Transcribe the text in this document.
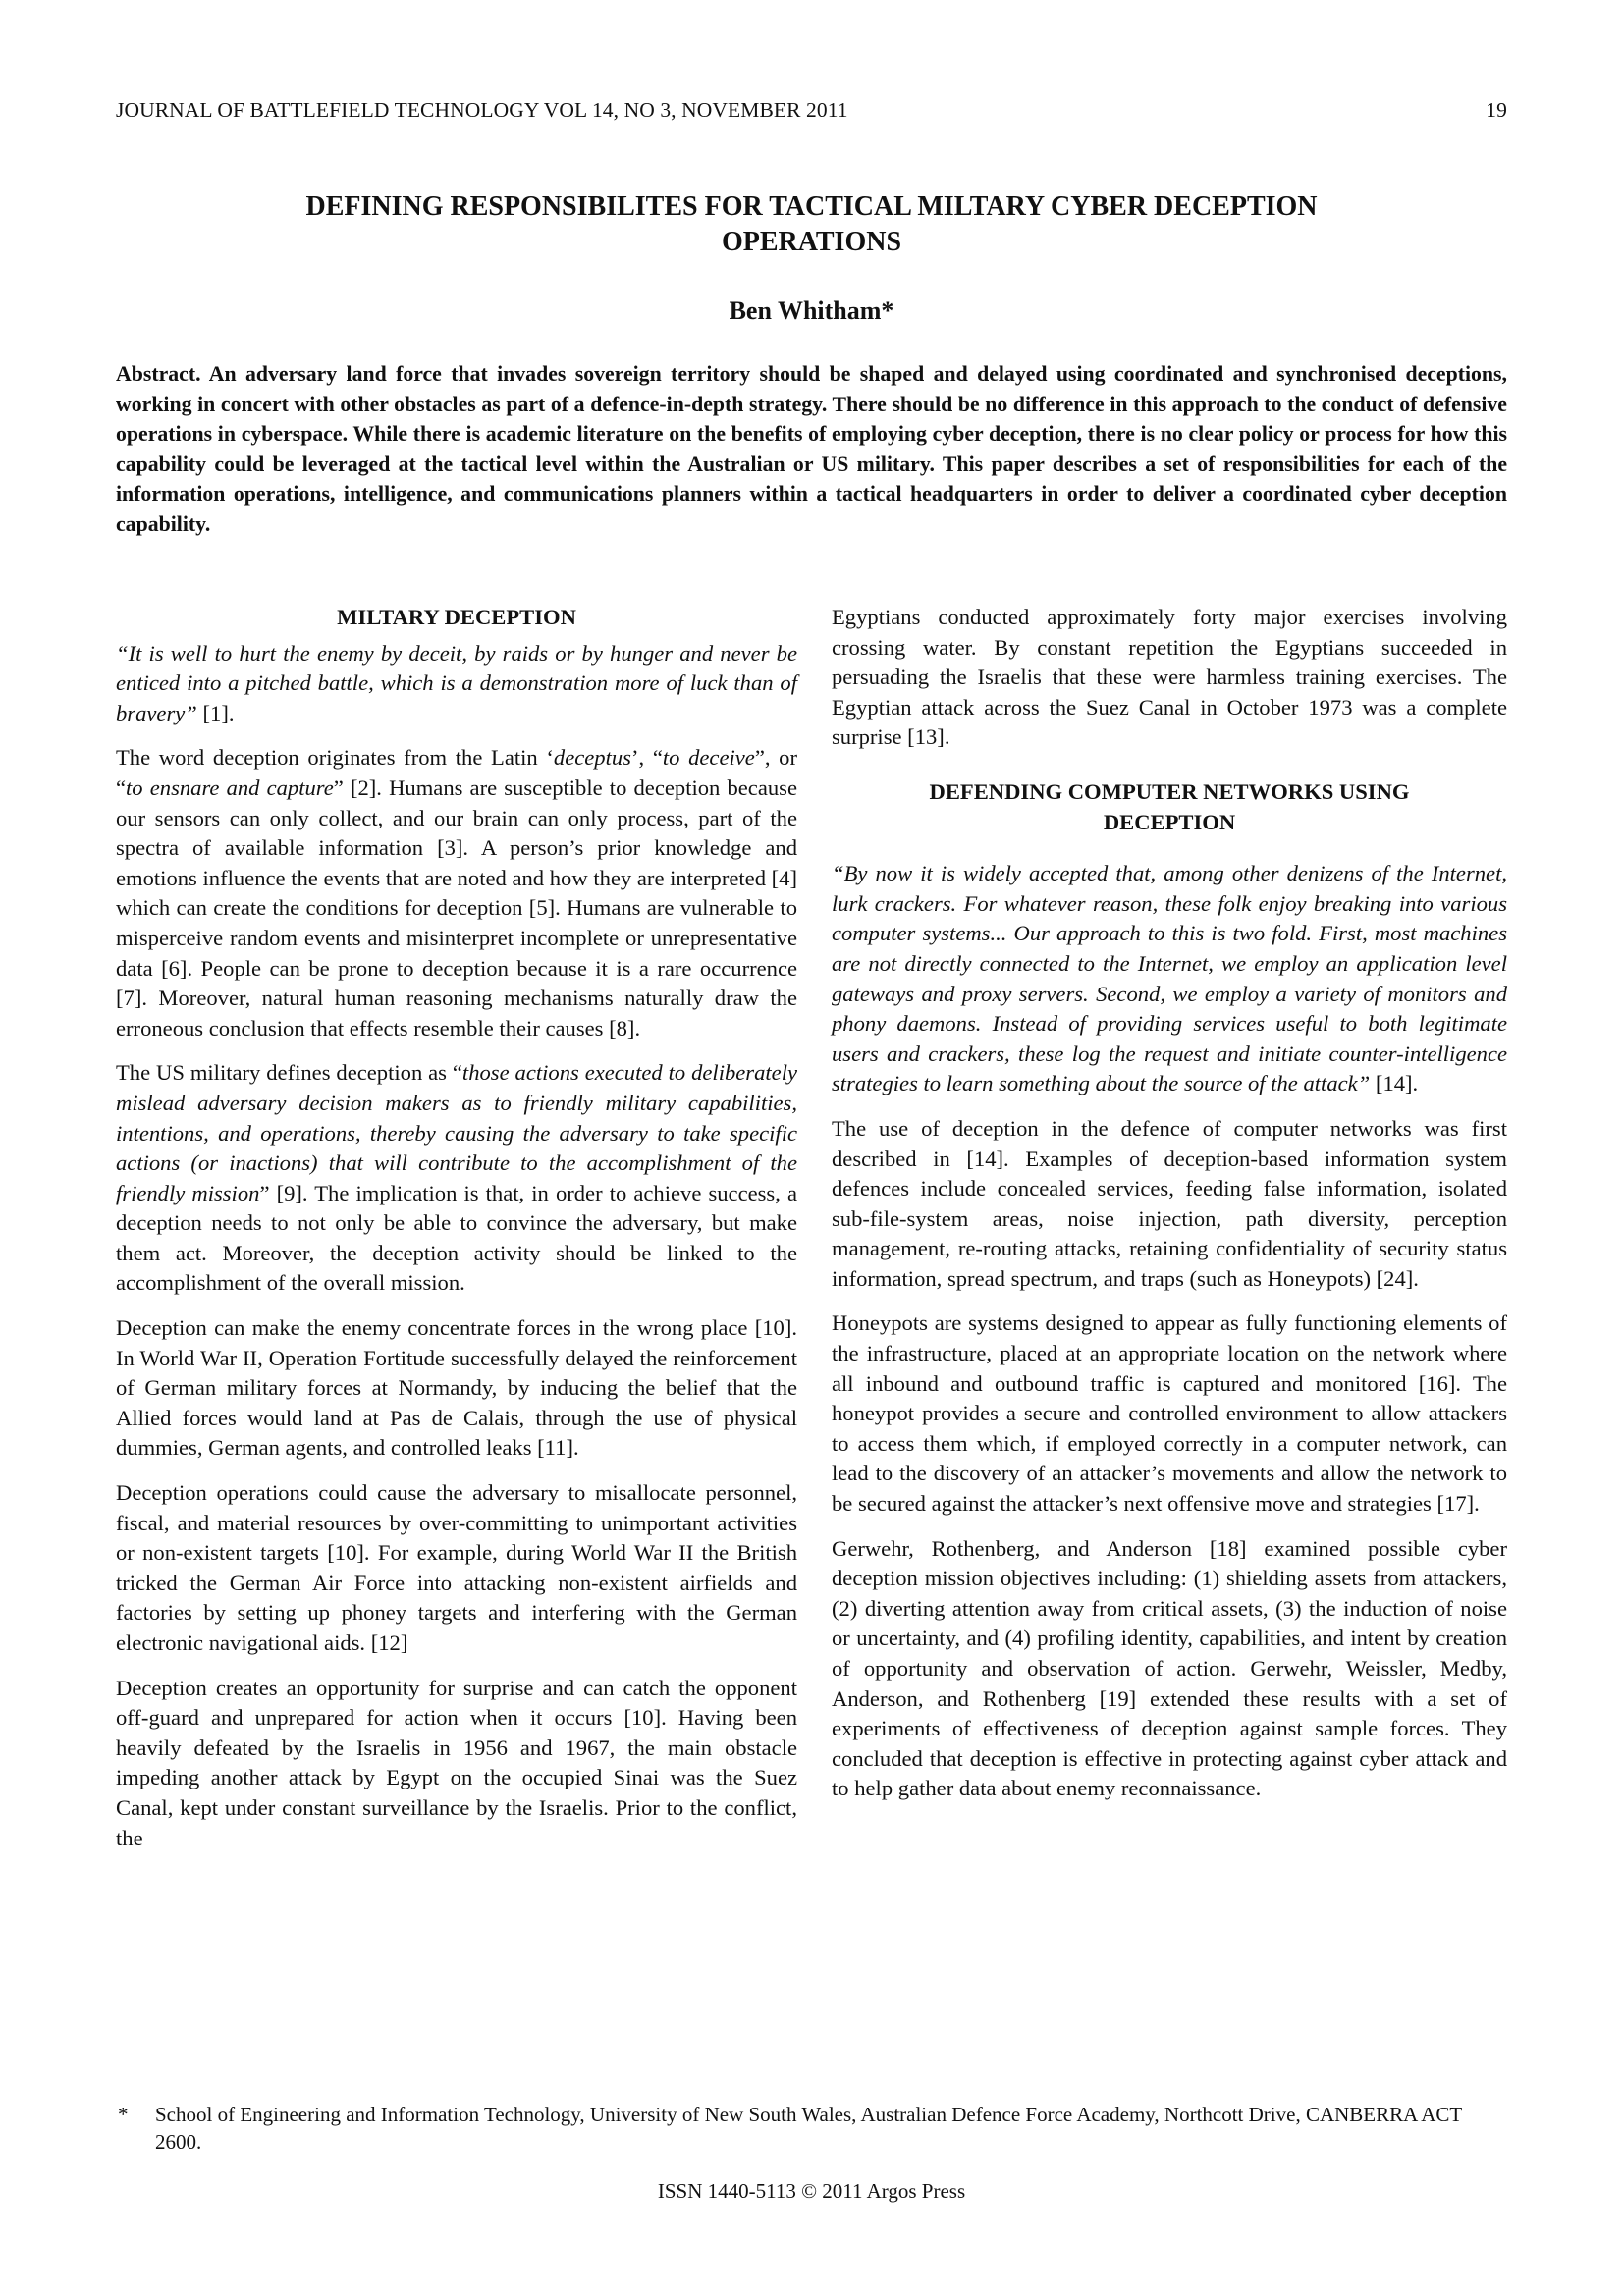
JOURNAL OF BATTLEFIELD TECHNOLOGY VOL 14, NO 3, NOVEMBER 2011	19
DEFINING RESPONSIBILITES FOR TACTICAL MILTARY CYBER DECEPTION
OPERATIONS
Ben Whitham*
Abstract. An adversary land force that invades sovereign territory should be shaped and delayed using coordinated and synchronised deceptions, working in concert with other obstacles as part of a defence-in-depth strategy. There should be no difference in this approach to the conduct of defensive operations in cyberspace. While there is academic literature on the benefits of employing cyber deception, there is no clear policy or process for how this capability could be leveraged at the tactical level within the Australian or US military. This paper describes a set of responsibilities for each of the information operations, intelligence, and communications planners within a tactical headquarters in order to deliver a coordinated cyber deception capability.
MILTARY DECEPTION

“It is well to hurt the enemy by deceit, by raids or by hunger and never be enticed into a pitched battle, which is a demonstration more of luck than of bravery” [1].

The word deception originates from the Latin ‘deceptus’, “to deceive”, or “to ensnare and capture” [2]. Humans are susceptible to deception because our sensors can only collect, and our brain can only process, part of the spectra of available information [3]. A person’s prior knowledge and emotions influence the events that are noted and how they are interpreted [4] which can create the conditions for deception [5]. Humans are vulnerable to misperceive random events and misinterpret incomplete or unrepresentative data [6]. People can be prone to deception because it is a rare occurrence [7]. Moreover, natural human reasoning mechanisms naturally draw the erroneous conclusion that effects resemble their causes [8].

The US military defines deception as “those actions executed to deliberately mislead adversary decision makers as to friendly military capabilities, intentions, and operations, thereby causing the adversary to take specific actions (or inactions) that will contribute to the accomplishment of the friendly mission” [9]. The implication is that, in order to achieve success, a deception needs to not only be able to convince the adversary, but make them act. Moreover, the deception activity should be linked to the accomplishment of the overall mission.

Deception can make the enemy concentrate forces in the wrong place [10]. In World War II, Operation Fortitude successfully delayed the reinforcement of German military forces at Normandy, by inducing the belief that the Allied forces would land at Pas de Calais, through the use of physical dummies, German agents, and controlled leaks [11].

Deception operations could cause the adversary to misallocate personnel, fiscal, and material resources by over-committing to unimportant activities or non-existent targets [10]. For example, during World War II the British tricked the German Air Force into attacking non-existent airfields and factories by setting up phoney targets and interfering with the German electronic navigational aids. [12]

Deception creates an opportunity for surprise and can catch the opponent off-guard and unprepared for action when it occurs [10]. Having been heavily defeated by the Israelis in 1956 and 1967, the main obstacle impeding another attack by Egypt on the occupied Sinai was the Suez Canal, kept under constant surveillance by the Israelis. Prior to the conflict, the

Egyptians conducted approximately forty major exercises involving crossing water. By constant repetition the Egyptians succeeded in persuading the Israelis that these were harmless training exercises. The Egyptian attack across the Suez Canal in October 1973 was a complete surprise [13].

DEFENDING COMPUTER NETWORKS USING
DECEPTION

“By now it is widely accepted that, among other denizens of the Internet, lurk crackers. For whatever reason, these folk enjoy breaking into various computer systems... Our approach to this is two fold. First, most machines are not directly connected to the Internet, we employ an application level gateways and proxy servers. Second, we employ a variety of monitors and phony daemons. Instead of providing services useful to both legitimate users and crackers, these log the request and initiate counter-intelligence strategies to learn something about the source of the attack” [14].

The use of deception in the defence of computer networks was first described in [14]. Examples of deception-based information system defences include concealed services, feeding false information, isolated sub-file-system areas, noise injection, path diversity, perception management, re-routing attacks, retaining confidentiality of security status information, spread spectrum, and traps (such as Honeypots) [24].

Honeypots are systems designed to appear as fully functioning elements of the infrastructure, placed at an appropriate location on the network where all inbound and outbound traffic is captured and monitored [16]. The honeypot provides a secure and controlled environment to allow attackers to access them which, if employed correctly in a computer network, can lead to the discovery of an attacker’s movements and allow the network to be secured against the attacker’s next offensive move and strategies [17].

Gerwehr, Rothenberg, and Anderson [18] examined possible cyber deception mission objectives including: (1) shielding assets from attackers, (2) diverting attention away from critical assets, (3) the induction of noise or uncertainty, and (4) profiling identity, capabilities, and intent by creation of opportunity and observation of action. Gerwehr, Weissler, Medby, Anderson, and Rothenberg [19] extended these results with a set of experiments of effectiveness of deception against sample forces. They concluded that deception is effective in protecting against cyber attack and to help gather data about enemy reconnaissance.

* School of Engineering and Information Technology, University of New South Wales, Australian Defence Force Academy, Northcott Drive, CANBERRA ACT 2600.
ISSN 1440-5113 © 2011 Argos Press
